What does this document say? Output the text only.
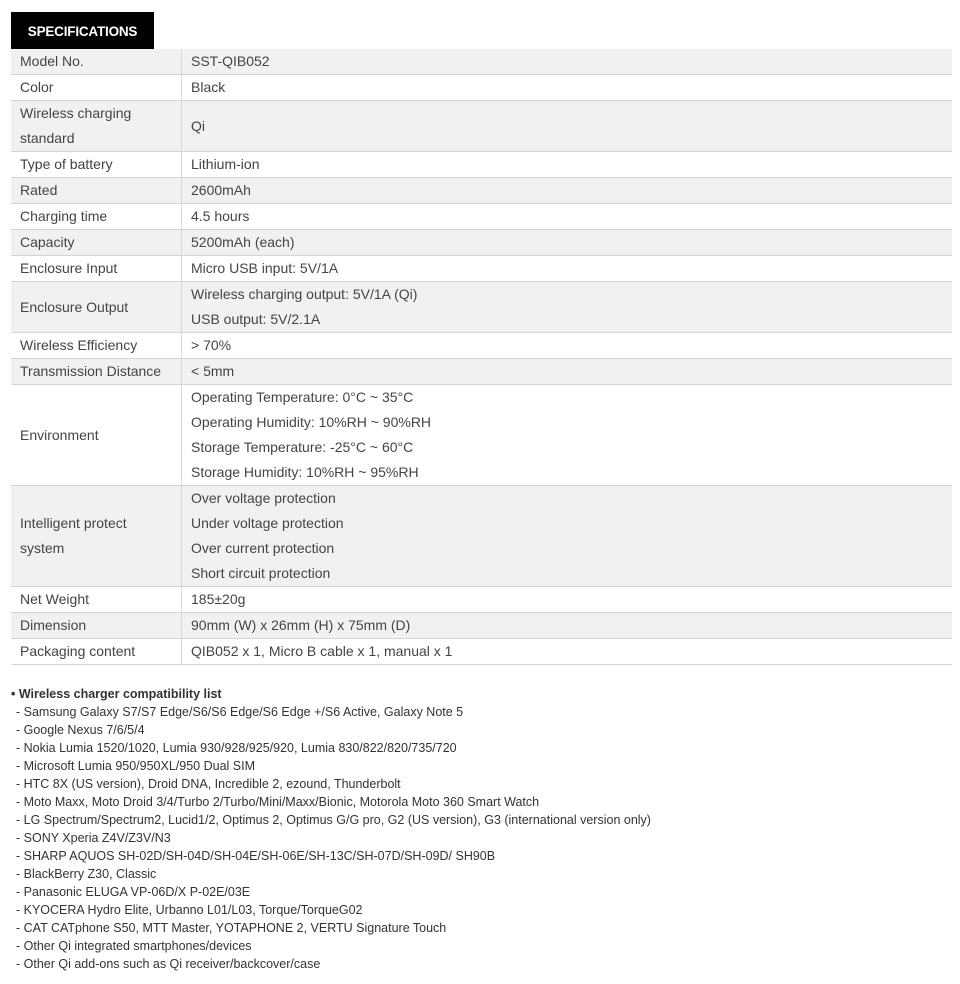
SPECIFICATIONS
Model No.	SST-QIB052

Color	Black

Wireless charging standard	Qi

Type of battery	Lithium-ion

Rated	2600mAh

Charging time	4.5 hours

Capacity	5200mAh (each)

Enclosure Input	Micro USB input: 5V/1A

Enclosure Output	Wireless charging output: 5V/1A (Qi)
USB output: 5V/2.1A

Wireless Efficiency	> 70%

Transmission Distance	< 5mm

Environment	Operating Temperature: 0°C ~ 35°C
Operating Humidity: 10%RH ~ 90%RH
Storage Temperature: -25°C ~ 60°C
Storage Humidity: 10%RH ~ 95%RH

Intelligent protect system	Over voltage protection
Under voltage protection
Over current protection
Short circuit protection

Net Weight	185±20g

Dimension	90mm (W) x 26mm (H) x 75mm (D)

Packaging content	QIB052 x 1, Micro B cable x 1, manual x 1
• Wireless charger compatibility list
- Samsung Galaxy S7/S7 Edge/S6/S6 Edge/S6 Edge +/S6 Active, Galaxy Note 5
- Google Nexus 7/6/5/4
- Nokia Lumia 1520/1020, Lumia 930/928/925/920, Lumia 830/822/820/735/720
- Microsoft Lumia 950/950XL/950 Dual SIM
- HTC 8X (US version), Droid DNA, Incredible 2, ezound, Thunderbolt
- Moto Maxx, Moto Droid 3/4/Turbo 2/Turbo/Mini/Maxx/Bionic, Motorola Moto 360 Smart Watch
- LG Spectrum/Spectrum2, Lucid1/2, Optimus 2, Optimus G/G pro, G2 (US version), G3 (international version only)
- SONY Xperia Z4V/Z3V/N3
- SHARP AQUOS SH-02D/SH-04D/SH-04E/SH-06E/SH-13C/SH-07D/SH-09D/ SH90B
- BlackBerry Z30, Classic
- Panasonic ELUGA VP-06D/X P-02E/03E
- KYOCERA Hydro Elite, Urbanno L01/L03, Torque/TorqueG02
- CAT CATphone S50, MTT Master, YOTAPHONE 2, VERTU Signature Touch
- Other Qi integrated smartphones/devices
- Other Qi add-ons such as Qi receiver/backcover/case
